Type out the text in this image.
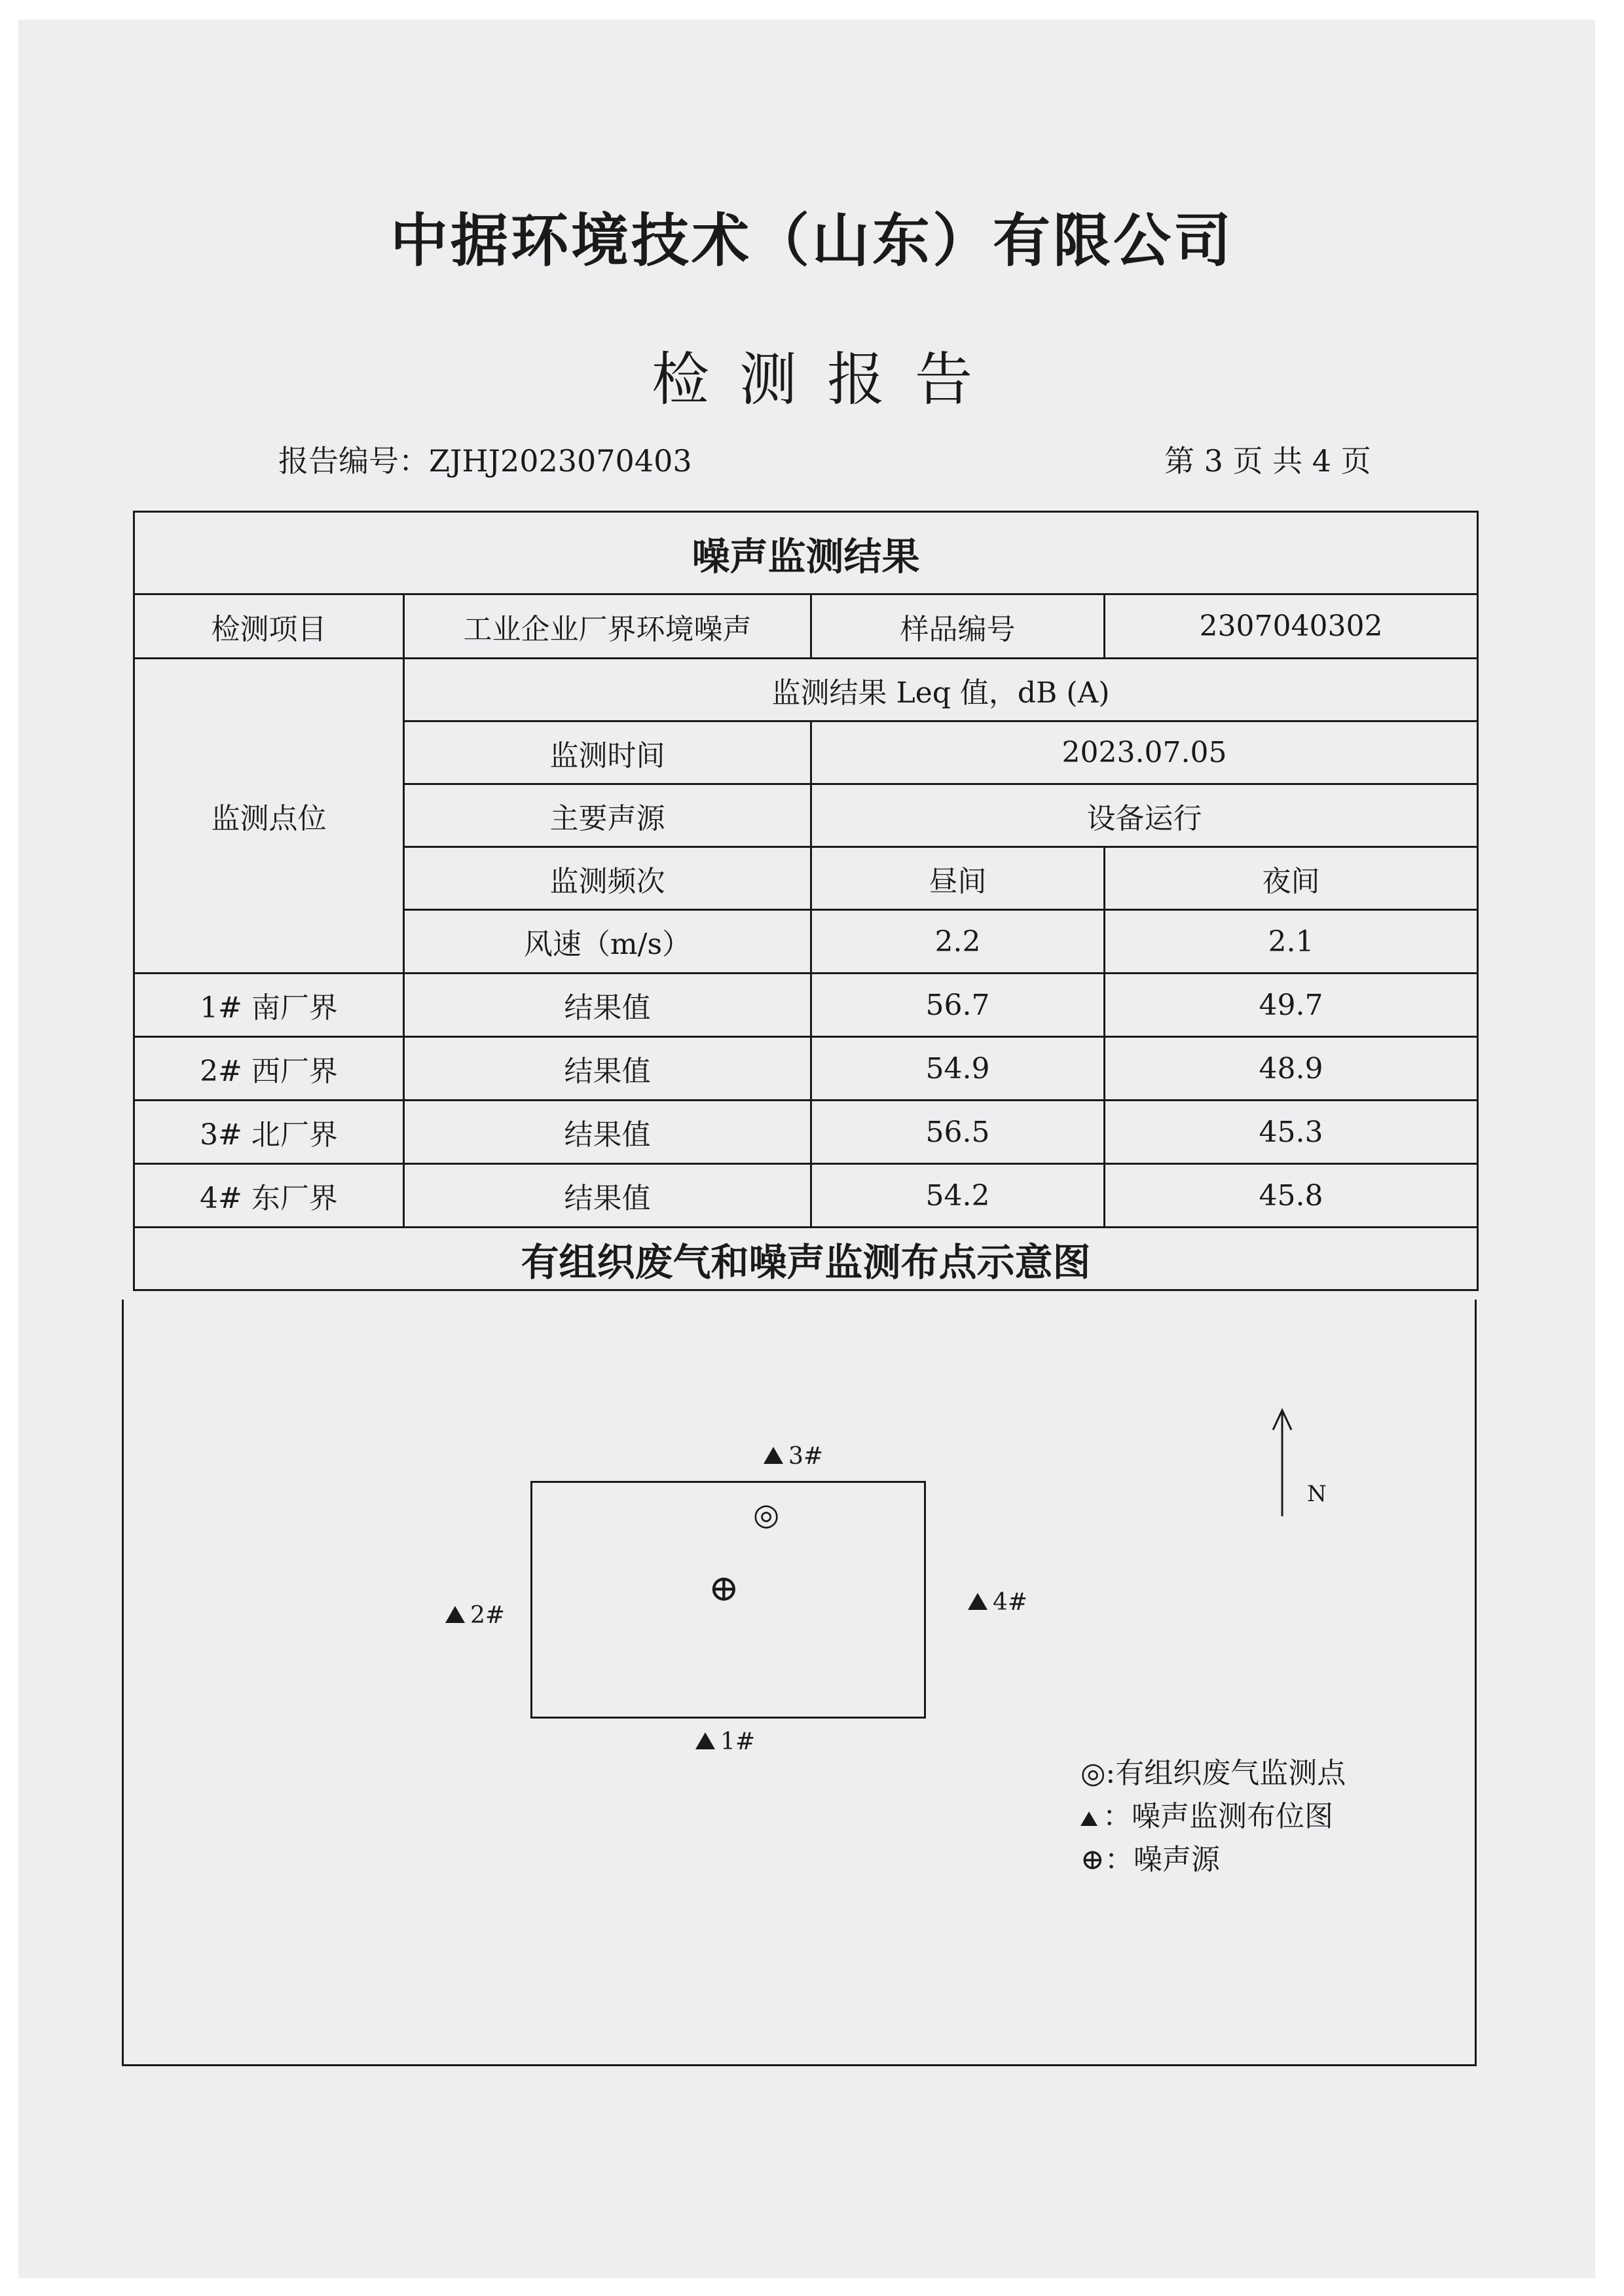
中据环境技术（山东）有限公司
检测报告
报告编号：ZJHJ2023070403	第 3 页 共 4 页
噪声监测结果			
检测项目	工业企业厂界环境噪声	样品编号	2307040302
监测点位	监测结果 Leq 值，dB (A)		
	监测时间	2023.07.05	
	主要声源	设备运行	
	监测频次	昼间	夜间
	风速（m/s）	2.2	2.1
1# 南厂界	结果值	56.7	49.7
2# 西厂界	结果值	54.9	48.9
3# 北厂界	结果值	56.5	45.3
4# 东厂界	结果值	54.2	45.8
有组织废气和噪声监测布点示意图			
3#
2#	4#
1#
◎
⊕
N
◎:有组织废气监测点
：噪声监测布位图
⊕：噪声源
